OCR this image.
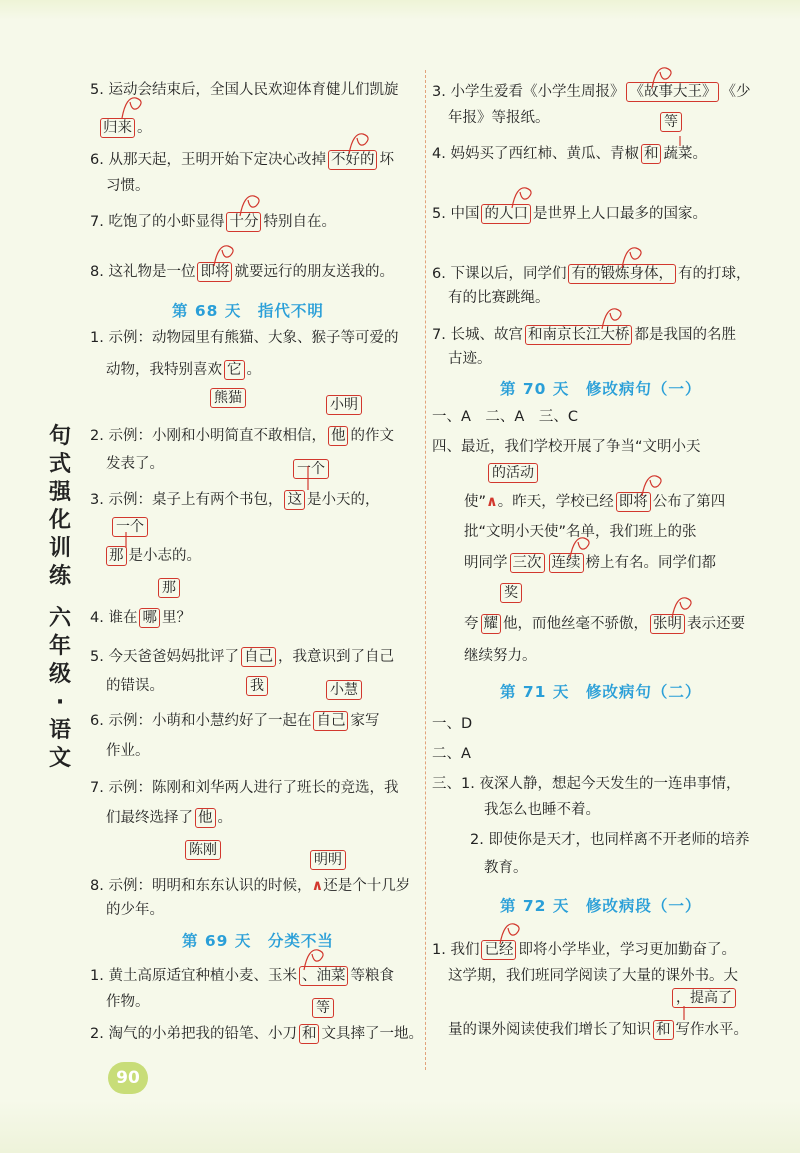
句
式
强
化
训
练
六
年
级
·
语
文
5. 运动会结束后，全国人民欢迎体育健儿们凯旋
归来 。
6. 从那天起，王明开始下定决心改掉 不好的 坏
习惯。
7. 吃饱了的小虾显得 十分 特别自在。
8. 这礼物是一位 即将 就要远行的朋友送我的。
第 68 天　指代不明
1. 示例：动物园里有熊猫、大象、猴子等可爱的
动物，我特别喜欢 它 。
熊猫	小明
2. 示例：小刚和小明简直不敢相信， 他 的作文
发表了。	一个
3. 示例：桌子上有两个书包， 这 是小天的，
一个
那 是小志的。
那
4. 谁在 哪 里？
5. 今天爸爸妈妈批评了 自己 ，我意识到了自己
的错误。	我	小慧
6. 示例：小萌和小慧约好了一起在 自己 家写
作业。
7. 示例：陈刚和刘华两人进行了班长的竞选，我
们最终选择了 他 。
陈刚
明明
8. 示例：明明和东东认识的时候，∧还是个十几岁
的少年。
第 69 天　分类不当
1. 黄土高原适宜种植小麦、玉米 、油菜 等粮食
作物。	等
2. 淘气的小弟把我的铅笔、小刀 和 文具摔了一地。
3. 小学生爱看《小学生周报》 《故事大王》 《少
年报》等报纸。	等
4. 妈妈买了西红柿、黄瓜、青椒 和 蔬菜。
5. 中国 的人口 是世界上人口最多的国家。
6. 下课以后，同学们 有的锻炼身体， 有的打球，
有的比赛跳绳。
7. 长城、故宫 和南京长江大桥 都是我国的名胜
古迹。
第 70 天　修改病句（一）
一、A　二、A　三、C
四、最近，我们学校开展了争当“文明小天
的活动
使”∧。昨天，学校已经 即将 公布了第四
批“文明小天使”名单，我们班上的张
明同学 三次 连续 榜上有名。同学们都
奖
夸 耀 他，而他丝毫不骄傲， 张明 表示还要
继续努力。
第 71 天　修改病句（二）
一、D
二、A
三、1. 夜深人静，想起今天发生的一连串事情，
我怎么也睡不着。
2. 即使你是天才，也同样离不开老师的培养
教育。
第 72 天　修改病段（一）
1. 我们 已经 即将小学毕业，学习更加勤奋了。
这学期，我们班同学阅读了大量的课外书。大
，提高了
量的课外阅读使我们增长了知识 和 写作水平。
90
